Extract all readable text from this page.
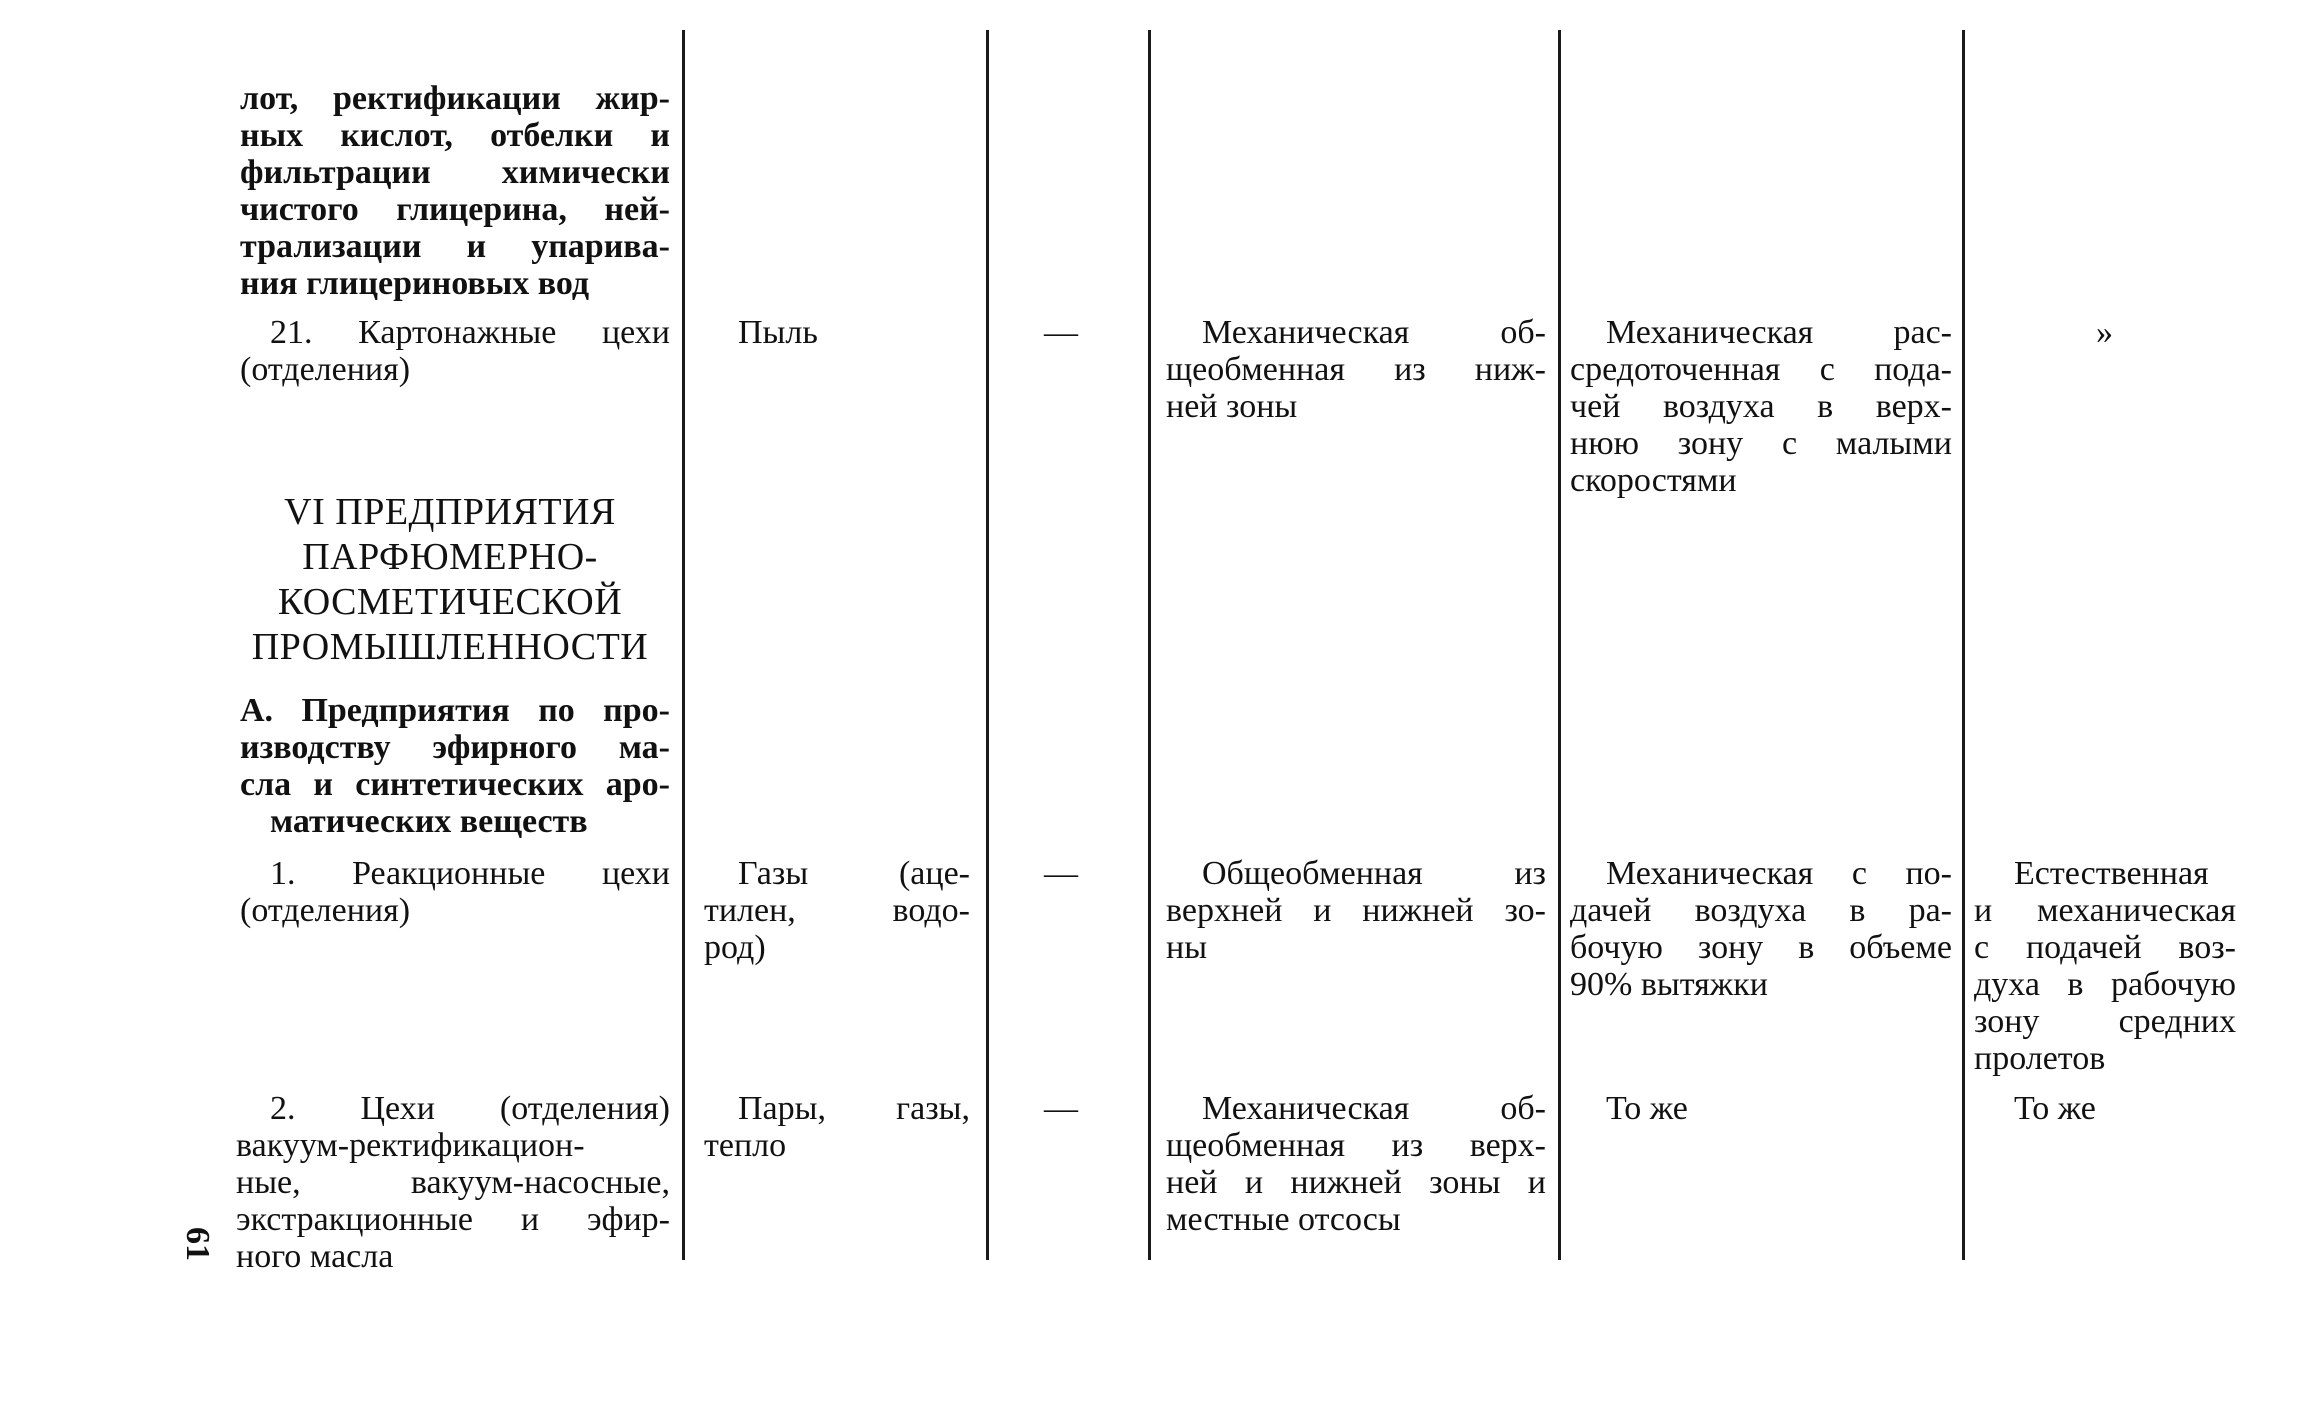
лот, ректификации жир-
ных кислот, отбелки и
фильтрации химически
чистого глицерина, ней-
трализации и упарива-
ния глицериновых вод
21. Картонажные цехи
(отделения)
VI ПРЕДПРИЯТИЯ
ПАРФЮМЕРНО-
КОСМЕТИЧЕСКОЙ
ПРОМЫШЛЕННОСТИ
А. Предприятия по про-
изводству эфирного ма-
сла и синтетических аро-
матических веществ
1. Реакционные цехи
(отделения)
2. Цехи (отделения)
вакуум-ректификацион-
ные, вакуум-насосные,
экстракционные и эфир-
ного масла
Пыль
Газы (аце-
тилен, водо-
род)
Пары, газы,
тепло
—
—
—
Механическая об-
щеобменная из ниж-
ней зоны
Общеобменная из
верхней и нижней зо-
ны
Механическая об-
щеобменная из верх-
ней и нижней зоны и
местные отсосы
Механическая рас-
средоточенная с пода-
чей воздуха в верх-
нюю зону с малыми
скоростями
Механическая с по-
дачей воздуха в ра-
бочую зону в объеме
90% вытяжки
То же
»
Естественная
и механическая
с подачей воз-
духа в рабочую
зону средних
пролетов
То же
61
